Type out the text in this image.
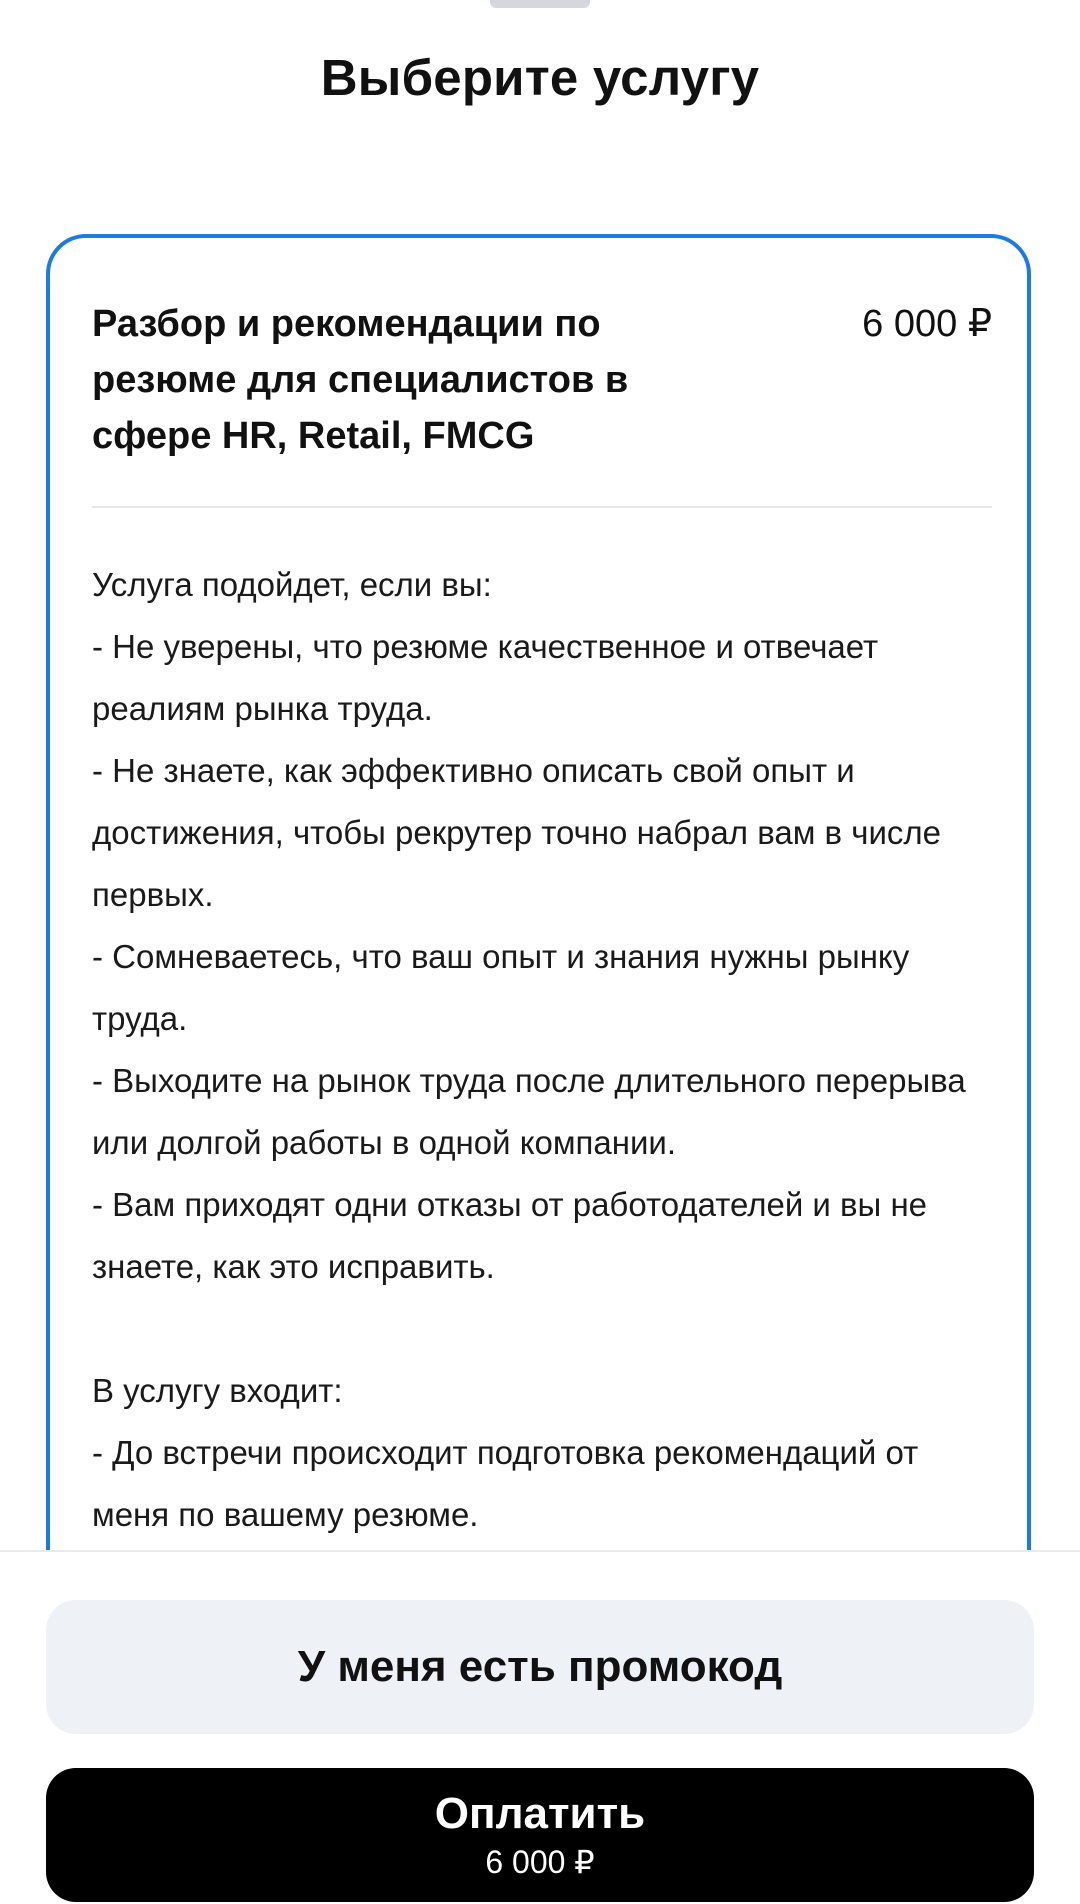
Выберите услугу
Разбор и рекомендации по резюме для специалистов в сфере HR, Retail, FMCG
6 000 ₽
Услуга подойдет, если вы:
- Не уверены, что резюме качественное и отвечает реалиям рынка труда.
- Не знаете, как эффективно описать свой опыт и достижения, чтобы рекрутер точно набрал вам в числе первых.
- Сомневаетесь, что ваш опыт и знания нужны рынку труда.
- Выходите на рынок труда после длительного перерыва или долгой работы в одной компании.
- Вам приходят одни отказы от работодателей и вы не знаете, как это исправить.

В услугу входит:
- До встречи происходит подготовка рекомендаций от меня по вашему резюме.
У меня есть промокод
Оплатить
6 000 ₽
